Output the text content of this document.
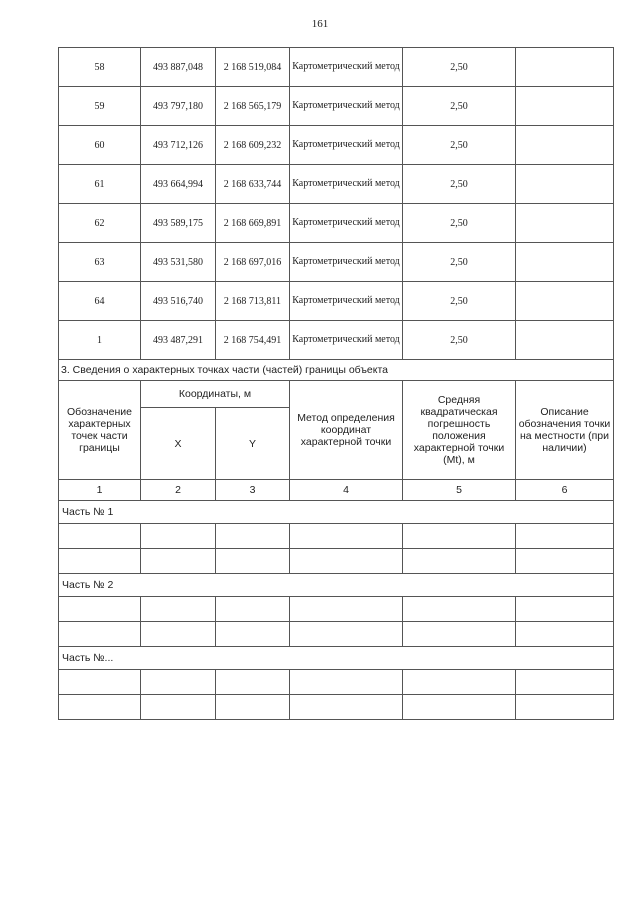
161
58	493 887,048	2 168 519,084	Картометрический метод	2,50	
59	493 797,180	2 168 565,179	Картометрический метод	2,50	
60	493 712,126	2 168 609,232	Картометрический метод	2,50	
61	493 664,994	2 168 633,744	Картометрический метод	2,50	
62	493 589,175	2 168 669,891	Картометрический метод	2,50	
63	493 531,580	2 168 697,016	Картометрический метод	2,50	
64	493 516,740	2 168 713,811	Картометрический метод	2,50	
1	493 487,291	2 168 754,491	Картометрический метод	2,50	
3. Сведения о характерных точках части (частей) границы объекта					
Обозначение характерных точек части границы	Координаты, м		Метод определения координат характерной точки	Средняя квадратическая погрешность положения характерной точки (Mt), м	Описание обозначения точки на местности (при наличии)
	X	Y			
1	2	3	4	5	6
Часть № 1					

Часть № 2					

Часть №...					
